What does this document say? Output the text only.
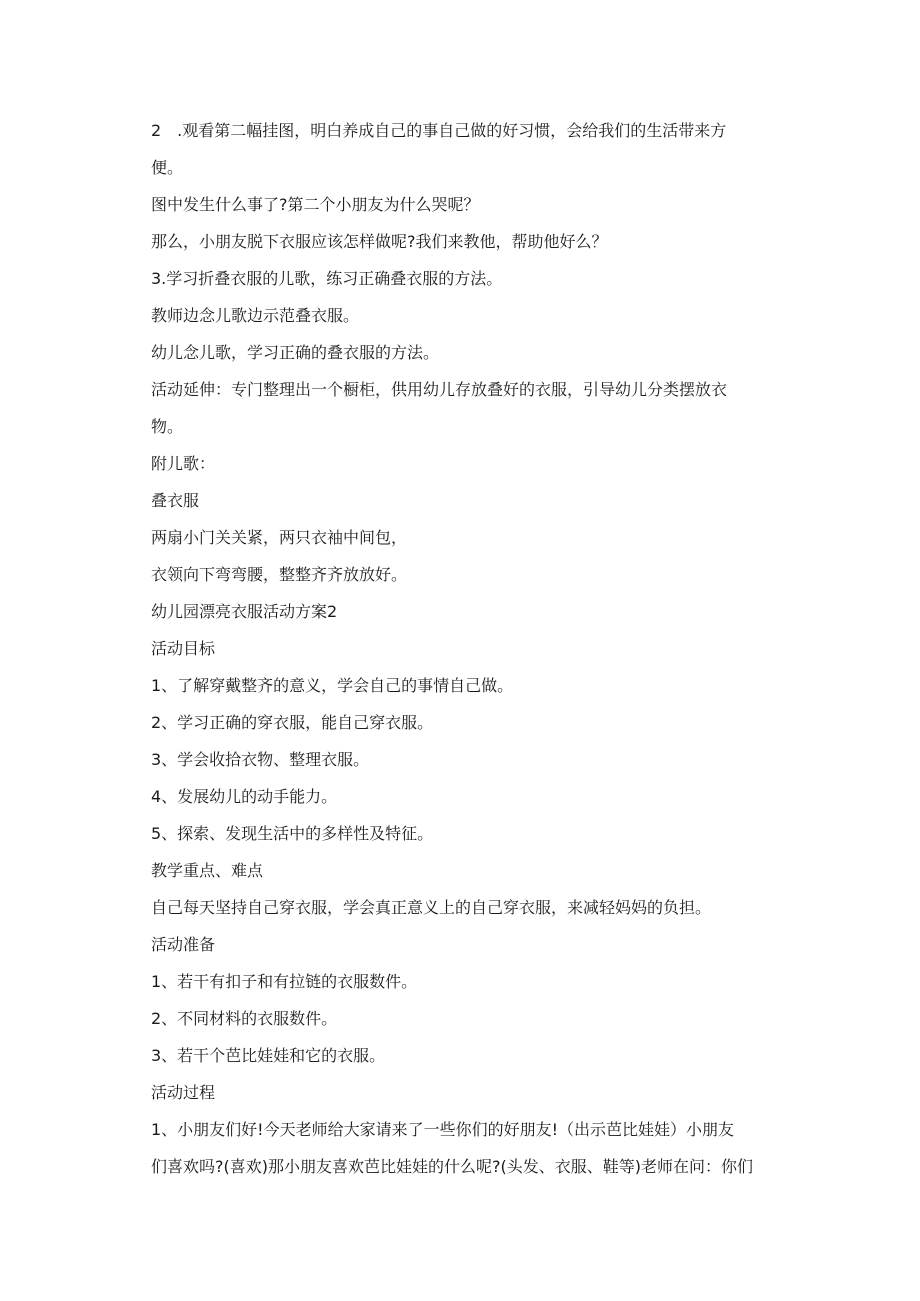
2　.观看第二幅挂图，明白养成自己的事自己做的好习惯，会给我们的生活带来方
便。
图中发生什么事了?第二个小朋友为什么哭呢？
那么，小朋友脱下衣服应该怎样做呢?我们来教他，帮助他好么？
3.学习折叠衣服的儿歌，练习正确叠衣服的方法。
教师边念儿歌边示范叠衣服。
幼儿念儿歌，学习正确的叠衣服的方法。
活动延伸：专门整理出一个橱柜，供用幼儿存放叠好的衣服，引导幼儿分类摆放衣
物。
附儿歌：
叠衣服
两扇小门关关紧，两只衣袖中间包，
衣领向下弯弯腰，整整齐齐放放好。
幼儿园漂亮衣服活动方案2
活动目标
1、了解穿戴整齐的意义，学会自己的事情自己做。
2、学习正确的穿衣服，能自己穿衣服。
3、学会收拾衣物、整理衣服。
4、发展幼儿的动手能力。
5、探索、发现生活中的多样性及特征。
教学重点、难点
自己每天坚持自己穿衣服，学会真正意义上的自己穿衣服，来减轻妈妈的负担。
活动准备
1、若干有扣子和有拉链的衣服数件。
2、不同材料的衣服数件。
3、若干个芭比娃娃和它的衣服。
活动过程
1、小朋友们好!今天老师给大家请来了一些你们的好朋友!（出示芭比娃娃）小朋友
们喜欢吗?(喜欢)那小朋友喜欢芭比娃娃的什么呢?(头发、衣服、鞋等)老师在问：你们
